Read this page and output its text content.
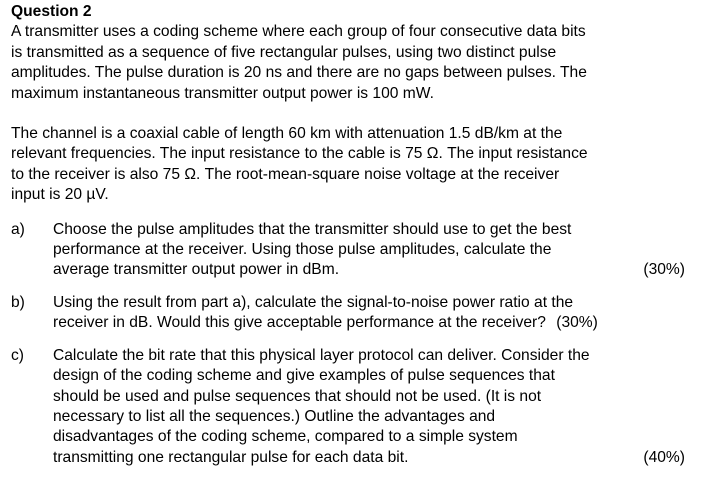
Question 2

A transmitter uses a coding scheme where each group of four consecutive data bits
is transmitted as a sequence of five rectangular pulses, using two distinct pulse
amplitudes. The pulse duration is 20 ns and there are no gaps between pulses. The
maximum instantaneous transmitter output power is 100 mW.
The channel is a coaxial cable of length 60 km with attenuation 1.5 dB/km at the
relevant frequencies. The input resistance to the cable is 75 Ω. The input resistance
to the receiver is also 75 Ω. The root-mean-square noise voltage at the receiver
input is 20 µV.
a) Choose the pulse amplitudes that the transmitter should use to get the best
performance at the receiver. Using those pulse amplitudes, calculate the
average transmitter output power in dBm.	(30%)
b) Using the result from part a), calculate the signal-to-noise power ratio at the
receiver in dB. Would this give acceptable performance at the receiver? (30%)
c) Calculate the bit rate that this physical layer protocol can deliver. Consider the
design of the coding scheme and give examples of pulse sequences that
should be used and pulse sequences that should not be used. (It is not
necessary to list all the sequences.) Outline the advantages and
disadvantages of the coding scheme, compared to a simple system
transmitting one rectangular pulse for each data bit.	(40%)
